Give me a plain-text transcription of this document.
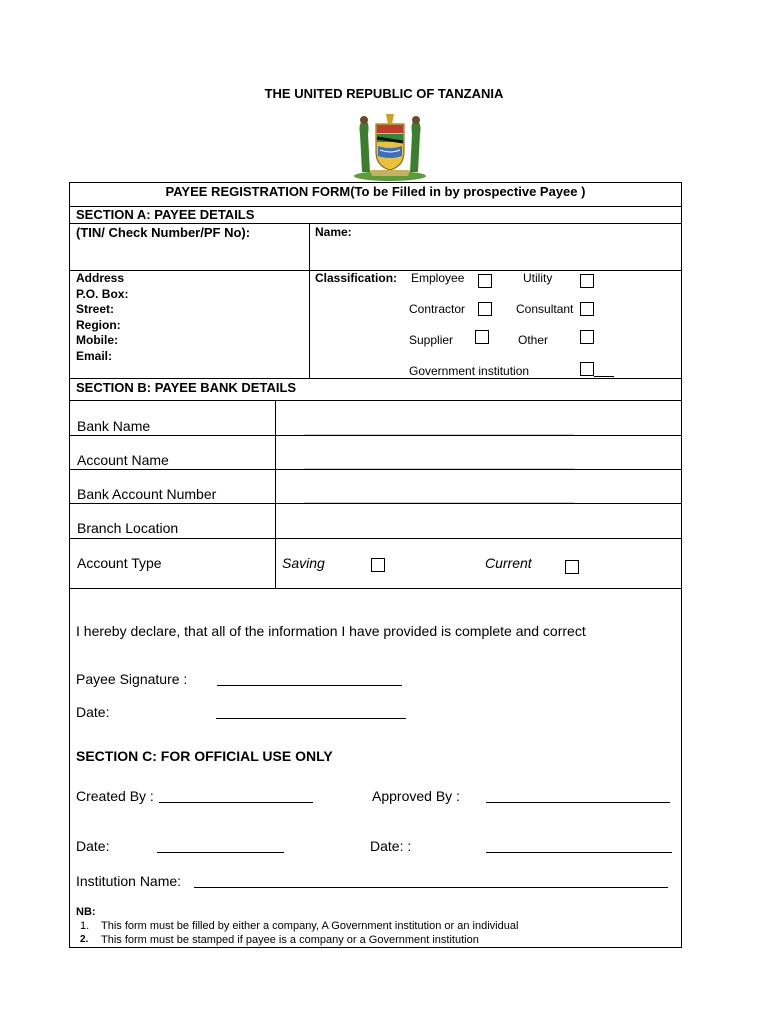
THE UNITED REPUBLIC OF TANZANIA
PAYEE REGISTRATION FORM(To be Filled in by prospective Payee )
SECTION A: PAYEE DETAILS
(TIN/ Check Number/PF No):	Name:
Address
P.O. Box:
Street:
Region:
Mobile:
Email:
Classification: Employee	Utility
Contractor	Consultant
Supplier	Other
Government institution
SECTION B: PAYEE BANK DETAILS
Bank Name
Account Name
Bank Account Number
Branch Location
Account Type	Saving	Current
I hereby declare, that all of the information I have provided is complete and correct
Payee Signature :
Date:
SECTION C: FOR OFFICIAL USE ONLY
Created By :	Approved By :
Date:	Date: :
Institution Name:
NB:
1. This form must be filled by either a company, A Government institution or an individual
2. This form must be stamped if payee is a company or a Government institution
